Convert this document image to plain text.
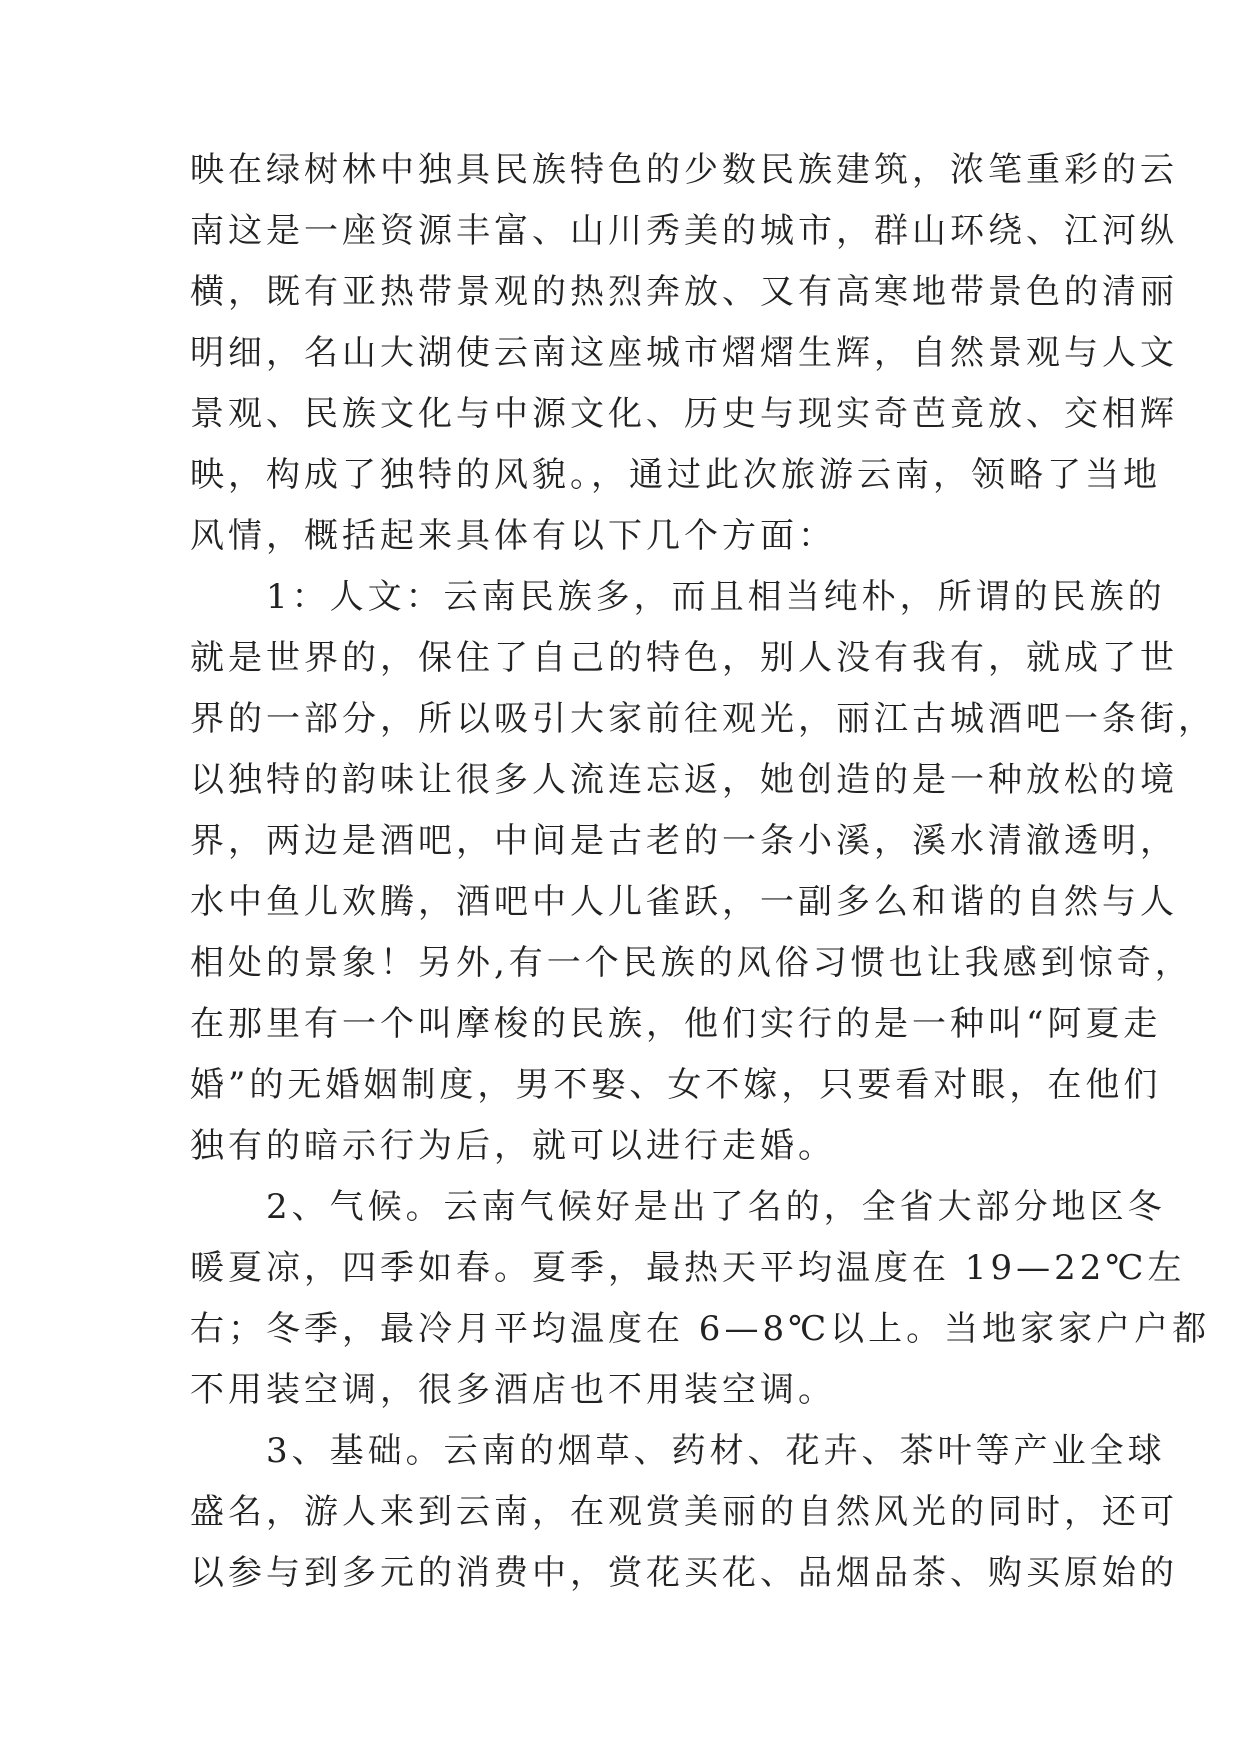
映在绿树林中独具民族特色的少数民族建筑，浓笔重彩的云
南这是一座资源丰富、山川秀美的城市，群山环绕、江河纵
横，既有亚热带景观的热烈奔放、又有高寒地带景色的清丽
明细，名山大湖使云南这座城市熠熠生辉，自然景观与人文
景观、民族文化与中源文化、历史与现实奇芭竟放、交相辉
映，构成了独特的风貌。，通过此次旅游云南，领略了当地
风情，概括起来具体有以下几个方面：

　　1：人文：云南民族多，而且相当纯朴，所谓的民族的
就是世界的，保住了自己的特色，别人没有我有，就成了世
界的一部分，所以吸引大家前往观光，丽江古城酒吧一条街，
以独特的韵味让很多人流连忘返，她创造的是一种放松的境
界，两边是酒吧，中间是古老的一条小溪，溪水清澈透明，
水中鱼儿欢腾，酒吧中人儿雀跃，一副多么和谐的自然与人
相处的景象！另外,有一个民族的风俗习惯也让我感到惊奇，
在那里有一个叫摩梭的民族，他们实行的是一种叫“阿夏走
婚”的无婚姻制度，男不娶、女不嫁，只要看对眼，在他们
独有的暗示行为后，就可以进行走婚。

　　2、气候。云南气候好是出了名的，全省大部分地区冬
暖夏凉，四季如春。夏季，最热天平均温度在 19—22℃左
右；冬季，最冷月平均温度在 6—8℃以上。当地家家户户都
不用装空调，很多酒店也不用装空调。

　　3、基础。云南的烟草、药材、花卉、茶叶等产业全球
盛名，游人来到云南，在观赏美丽的自然风光的同时，还可
以参与到多元的消费中，赏花买花、品烟品茶、购买原始的
